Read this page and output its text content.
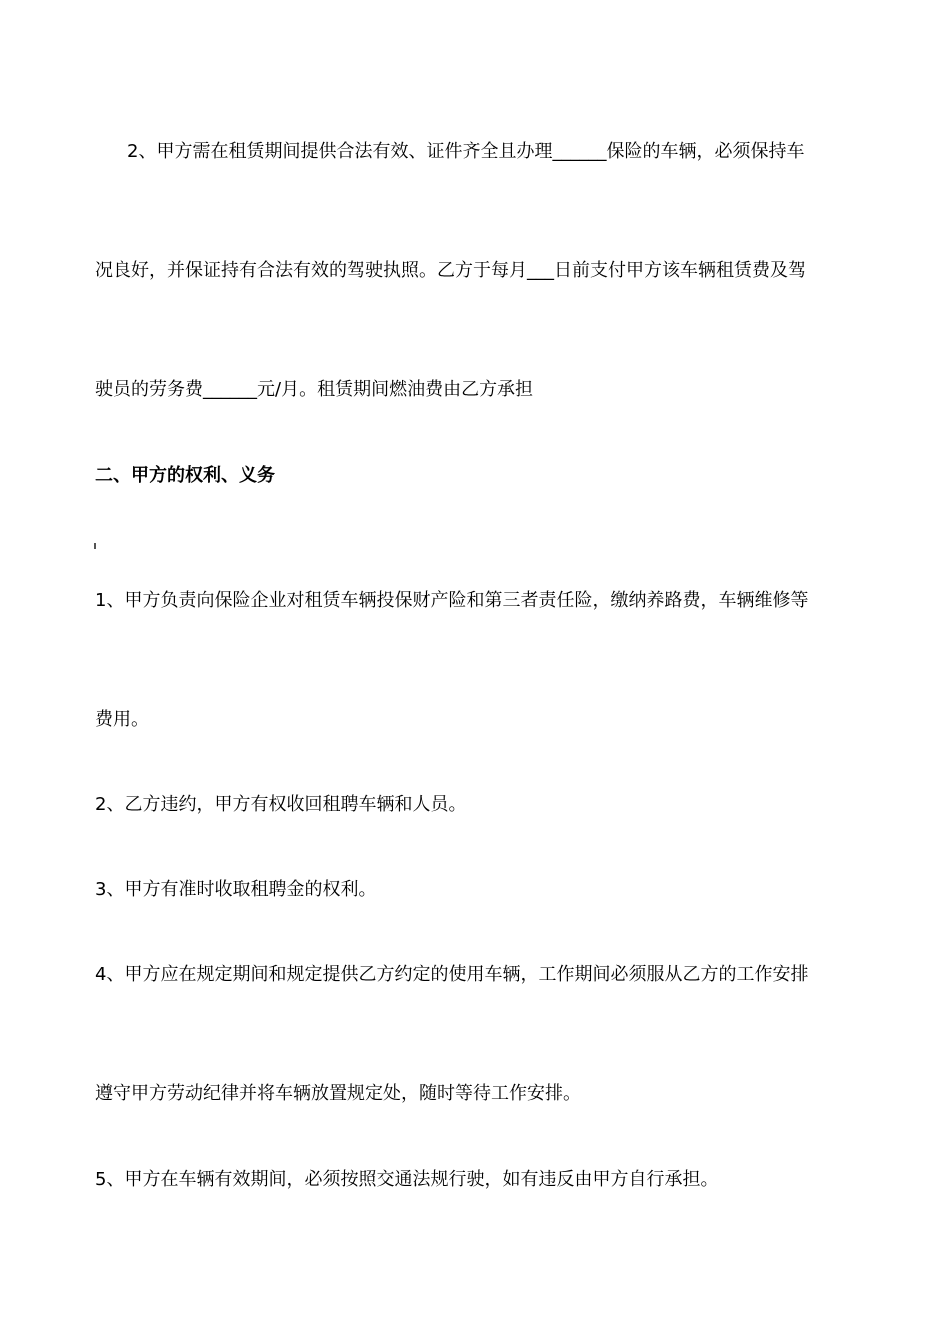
2、甲方需在租赁期间提供合法有效、证件齐全且办理______保险的车辆，必须保持车
况良好，并保证持有合法有效的驾驶执照。乙方于每月___日前支付甲方该车辆租赁费及驾
驶员的劳务费______元/月。租赁期间燃油费由乙方承担
二、甲方的权利、义务
1、甲方负责向保险企业对租赁车辆投保财产险和第三者责任险，缴纳养路费，车辆维修等
费用。
2、乙方违约，甲方有权收回租聘车辆和人员。
3、甲方有准时收取租聘金的权利。
4、甲方应在规定期间和规定提供乙方约定的使用车辆，工作期间必须服从乙方的工作安排
遵守甲方劳动纪律并将车辆放置规定处，随时等待工作安排。
5、甲方在车辆有效期间，必须按照交通法规行驶，如有违反由甲方自行承担。
